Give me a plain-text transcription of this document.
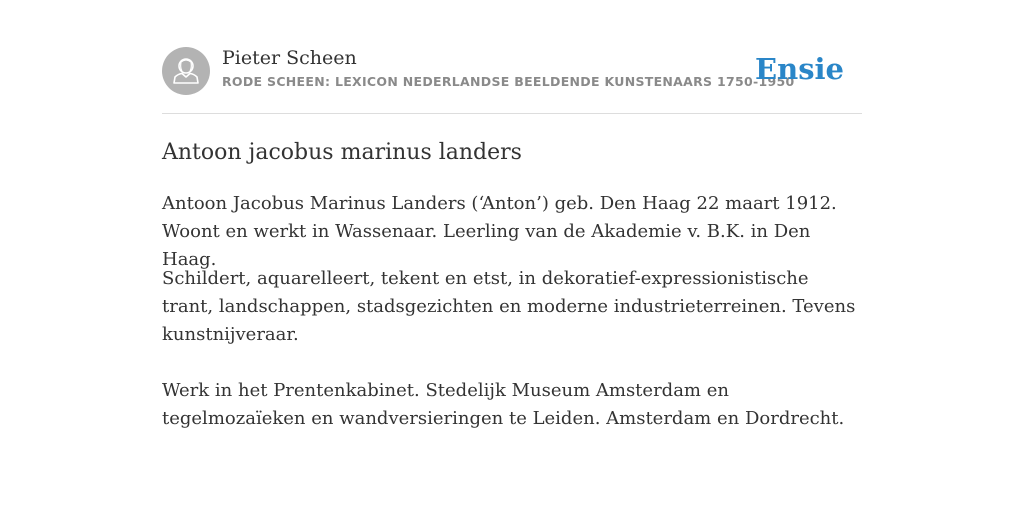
Pieter Scheen
RODE SCHEEN: LEXICON NEDERLANDSE BEELDENDE KUNSTENAARS 1750-1950
Ensie
Antoon jacobus marinus landers

Antoon Jacobus Marinus Landers (‘Anton’) geb. Den Haag 22 maart 1912. Woont en werkt in Wassenaar. Leerling van de Akademie v. B.K. in Den Haag.

Schildert, aquarelleert, tekent en etst, in dekoratief-expressionistische trant, landschappen, stadsgezichten en moderne industrieterreinen. Tevens kunstnijveraar.

Werk in het Prentenkabinet. Stedelijk Museum Amsterdam en tegelmozaïeken en wandversieringen te Leiden. Amsterdam en Dordrecht.
